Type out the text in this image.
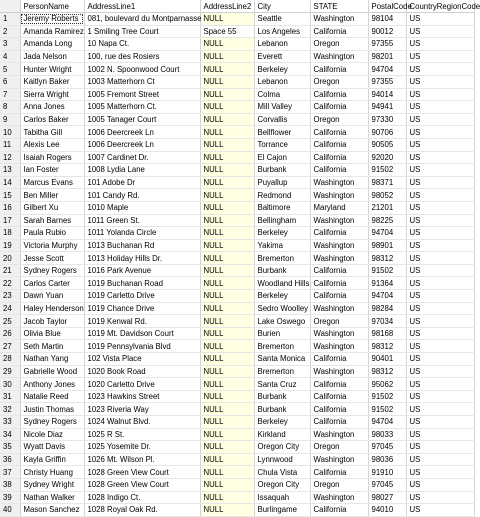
	PersonName	AddressLine1	AddressLine2	City	STATE	PostalCode	CountryRegionCode
1	Jeremy Roberts	081, boulevard du Montparnasse	NULL	Seattle	Washington	98104	US
2	Amanda Ramirez	1 Smiling Tree Court	Space 55	Los Angeles	California	90012	US
3	Amanda Long	10 Napa Ct.	NULL	Lebanon	Oregon	97355	US
4	Jada Nelson	100, rue des Rosiers	NULL	Everett	Washington	98201	US
5	Hunter Wright	1002 N. Spoonwood Court	NULL	Berkeley	California	94704	US
6	Kaitlyn Baker	1003 Matterhorn Ct	NULL	Lebanon	Oregon	97355	US
7	Sierra Wright	1005 Fremont Street	NULL	Colma	California	94014	US
8	Anna Jones	1005 Matterhorn Ct.	NULL	Mill Valley	California	94941	US
9	Carlos Baker	1005 Tanager Court	NULL	Corvallis	Oregon	97330	US
10	Tabitha Gill	1006 Deercreek Ln	NULL	Bellflower	California	90706	US
11	Alexis Lee	1006 Deercreek Ln	NULL	Torrance	California	90505	US
12	Isaiah Rogers	1007 Cardinet Dr.	NULL	El Cajon	California	92020	US
13	Ian Foster	1008 Lydia Lane	NULL	Burbank	California	91502	US
14	Marcus Evans	101 Adobe Dr	NULL	Puyallup	Washington	98371	US
15	Ben Miller	101 Candy Rd.	NULL	Redmond	Washington	98052	US
16	Gilbert Xu	1010 Maple	NULL	Baltimore	Maryland	21201	US
17	Sarah Barnes	1011 Green St.	NULL	Bellingham	Washington	98225	US
18	Paula Rubio	1011 Yolanda Circle	NULL	Berkeley	California	94704	US
19	Victoria Murphy	1013 Buchanan Rd	NULL	Yakima	Washington	98901	US
20	Jesse Scott	1013 Holiday Hills Dr.	NULL	Bremerton	Washington	98312	US
21	Sydney Rogers	1016 Park Avenue	NULL	Burbank	California	91502	US
22	Carlos Carter	1019 Buchanan Road	NULL	Woodland Hills	California	91364	US
23	Dawn Yuan	1019 Carletto Drive	NULL	Berkeley	California	94704	US
24	Haley Henderson	1019 Chance Drive	NULL	Sedro Woolley	Washington	98284	US
25	Jacob Taylor	1019 Kenwal Rd.	NULL	Lake Oswego	Oregon	97034	US
26	Olivia Blue	1019 Mt. Davidson Court	NULL	Burien	Washington	98168	US
27	Seth Martin	1019 Pennsylvania Blvd	NULL	Bremerton	Washington	98312	US
28	Nathan Yang	102 Vista Place	NULL	Santa Monica	California	90401	US
29	Gabrielle Wood	1020 Book Road	NULL	Bremerton	Washington	98312	US
30	Anthony Jones	1020 Carletto Drive	NULL	Santa Cruz	California	95062	US
31	Natalie Reed	1023 Hawkins Street	NULL	Burbank	California	91502	US
32	Justin Thomas	1023 Riveria Way	NULL	Burbank	California	91502	US
33	Sydney Rogers	1024 Walnut Blvd.	NULL	Berkeley	California	94704	US
34	Nicole Diaz	1025 R St.	NULL	Kirkland	Washington	98033	US
35	Wyatt Davis	1025 Yosemite Dr.	NULL	Oregon City	Oregon	97045	US
36	Kayla Griffin	1026 Mt. Wilson Pl.	NULL	Lynnwood	Washington	98036	US
37	Christy Huang	1028 Green View Court	NULL	Chula Vista	California	91910	US
38	Sydney Wright	1028 Green View Court	NULL	Oregon City	Oregon	97045	US
39	Nathan Walker	1028 Indigo Ct.	NULL	Issaquah	Washington	98027	US
40	Mason Sanchez	1028 Royal Oak Rd.	NULL	Burlingame	California	94010	US
